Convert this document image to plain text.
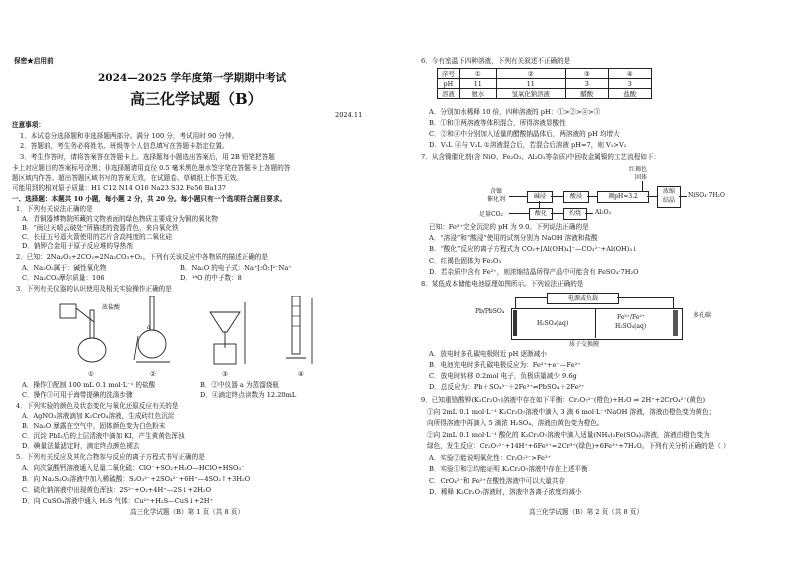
保密★启用前
2024—2025 学年度第一学期期中考试
高三化学试题（B）
2024.11
注意事项：
1．本试卷分选择题和非选择题两部分。满分 100 分，考试用时 90 分钟。
2．答题前，考生务必将姓名、班级等个人信息填写在答题卡指定位置。
3．考生作答时，请将答案答在答题卡上。选择题每小题选出答案后，用 2B 铅笔把答题
卡上对应题目的答案标号涂黑；非选择题请用直径 0.5 毫米黑色墨水签字笔在答题卡上各题的答
题区域内作答。超出答题区域书写的答案无效，在试题卷、草稿纸上作答无效。
可能用到的相对原子质量：H1 C12 N14 O16 Na23 S32 Fe56 Ba137
一、选择题：本题共 10 小题，每小题 2 分，共 20 分。每小题只有一个选项符合题目要求。
1．下列有关说法正确的是
A．青铜器博物院所藏的文物表面的绿色物质主要成分为铜的氧化物
B．“雨过天晴云破处”所描述的瓷器青色，来自氧化铁
C．长征五号遥火箭使用的芯片含高纯度的二氧化硅
D．钠钾合金用于原子反应堆的导热剂
2．已知：2Na₂O₂+2CO₂=2Na₂CO₃+O₂。下列有关该反应中各物质的描述正确的是
A．Na₂O₂属于：碱性氧化物	B．Na₂O 的电子式：Na⁺[:Ö:]²⁻Na⁺
C．Na₂CO₃摩尔质量：106	D．¹⁸O 的中子数：8
3．下列有关仪器的认识使用及相关实验操作正确的是
浓盐酸
a
①	②	③	④
A．操作①配制 100 mL 0.1 mol·L⁻¹ 的盐酸	B．②中仪器 a 为蒸馏烧瓶
C．操作③可用于海带提碘的洗涤步骤	D．④滴定终点读数为 12.20mL
4．下列实验的颜色及状态变化与氧化还原反应有关的是
A．AgNO₃溶液滴加 K₂CrO₄溶液，生成砖红色沉淀
B．Na₂O 暴露在空气中，固体颜色变为白色粉末
C．沉淀 PbI₂后的上层清液中滴加 KI，产生黄黄色浑浊
D．碘量法量滤定时，滴定终点颜色褪去
5．下列有关反应及其化合物参与反应的离子方程式书写正确的是
A．向次氯酸钙溶液通入足量二氧化硫：ClO⁻+SO₂+H₂O—HClO+HSO₃⁻
B．向 Na₂S₂O₃溶液中加入稀硫酸：S₂O₃²⁻+2SO₄²⁻+6H⁺—4SO₂↑+3H₂O
C．硫化钠溶液中出现黄色浑浊：2S²⁻+O₂+4H⁺—2S↓+2H₂O
D．向 CuSO₄溶液中通入 H₂S 气体：Cu²⁺+H₂S—CuS↓+2H⁺
高三化学试题（B）第 1 页（共 8 页）
6．今有室温下四种溶液，下列有关叙述不正确的是
序号	①	②	③	④
pH	11	11	3	3
溶液	氨水	氢氧化钠溶液	醋酸	盐酸
A．分别加水稀释 10 倍，四种溶液的 pH：①>②>④>③
B．①和③两溶液等体积混合，所得溶液显酸性
C．②和④中分别加入适量的醋酸钠晶体后，两溶液的 pH 均增大
D．V₁L ④与 V₂L ①溶液混合后，若混合后溶液 pH=7，则 V₁>V₂
7．从含镍催化剂(含 NiO、Fe₂O₃、Al₂O₃等杂质)中回收金属镍的工艺流程如下：
红褐色
固体
含镍
催化剂	碱浸	酸浸	调pH=3.2
浓缩
结晶
NiSO₄·7H₂O
足量CO₂	酸化	灼烧	Al₂O₃
已知：Fe³⁺完全沉淀的 pH 为 9.0。下列说法正确的是
A．“溶浸”和“酸浸”使用的试剂分别为 NaOH 溶液和盐酸
B．“酸化”反应的离子方程式为 CO₂+[Al(OH)₄]⁻—CO₃²⁻+Al(OH)₃↓
C．红褐色固体为 Fe₂O₃
D．若杂质中含有 Fe²⁺，则浓缩结晶所得产品中可能含有 FeSO₄·7H₂O
8．某低成本储能电池原理如图所示。下列说法正确的是
电源或负载
Pb/PbSO₄
H₂SO₄(aq)
Fe³⁺/Fe²⁺
H₂SO₄(aq)
多孔碳
质子交换膜
A．放电时多孔碳电极附近 pH 逐渐减小
B．电池充电时多孔碳电极反应为：Fe³⁺+e⁻—Fe²⁺
C．放电时转移 0.2mol 电子，负极质量减少 9.6g
D．总反应为：Pb＋SO₄²⁻＋2Fe³⁺⇌PbSO₄＋2Fe²⁺
9．已知重铬酸钾(K₂Cr₂O₇)溶液中存在如下平衡：Cr₂O₇²⁻(橙色)+H₂O ⇌ 2H⁺+2CrO₄²⁻(黄色)
①向 2mL 0.1 mol·L⁻¹ K₂Cr₂O₇溶液中滴入 3 滴 6 mol·L⁻¹NaOH 溶液，溶液由橙色变为黄色；
向所得溶液中再滴入 5 滴浓 H₂SO₄，溶液由黄色变为橙色。
②向 2mL 0.1 mol·L⁻¹ 酸化的 K₂Cr₂O₇溶液中滴入适量(NH₄)₂Fe(SO₄)₂溶液，溶液由橙色变为
绿色，发生反应：Cr₂O₇²⁻+14H⁺+6Fe²⁺=2Cr³⁺(绿色)+6Fe³⁺+7H₂O。下列有关分析正确的是（ ）
A．实验②能说明氧化性：Cr₂O₇²⁻>Fe³⁺
B．实验①和②均能证明 K₂Cr₂O₇溶液中存在上述平衡
C．CrO₄²⁻和 Fe²⁺在酸性溶液中可以大量共存
D．稀释 K₂Cr₂O₇溶液时，溶液中各离子浓度均减小
高三化学试题（B）第 2 页（共 8 页）
